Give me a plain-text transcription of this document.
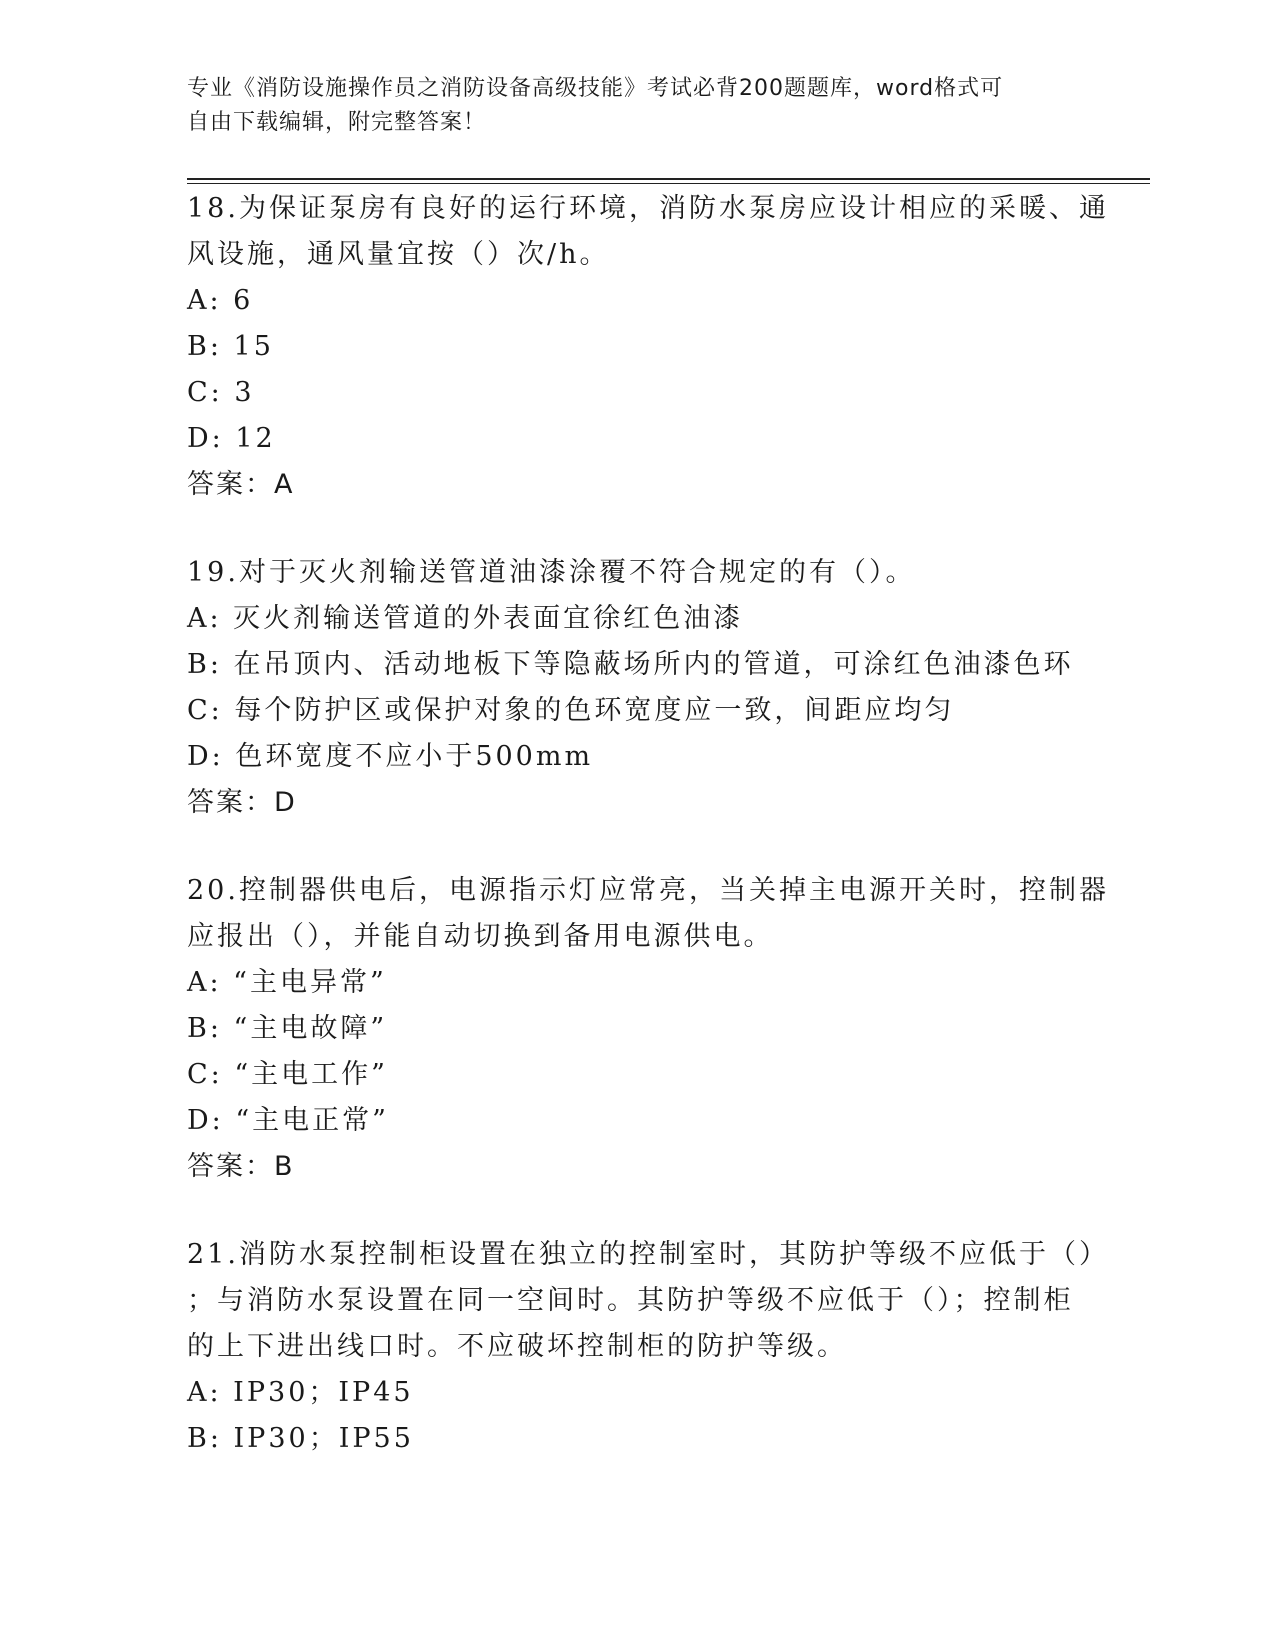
专业《消防设施操作员之消防设备高级技能》考试必背200题题库，word格式可
自由下载编辑，附完整答案！
18.为保证泵房有良好的运行环境，消防水泵房应设计相应的采暖、通
风设施，通风量宜按（）次/h。
A: 6
B: 15
C: 3
D: 12
答案：A
19.对于灭火剂输送管道油漆涂覆不符合规定的有（）。
A: 灭火剂输送管道的外表面宜徐红色油漆
B: 在吊顶内、活动地板下等隐蔽场所内的管道，可涂红色油漆色环
C: 每个防护区或保护对象的色环宽度应一致，间距应均匀
D: 色环宽度不应小于500mm
答案：D
20.控制器供电后，电源指示灯应常亮，当关掉主电源开关时，控制器
应报出（），并能自动切换到备用电源供电。
A: “主电异常”
B: “主电故障”
C: “主电工作”
D: “主电正常”
答案：B
21.消防水泵控制柜设置在独立的控制室时，其防护等级不应低于（）
；与消防水泵设置在同一空间时。其防护等级不应低于（）；控制柜
的上下进出线口时。不应破坏控制柜的防护等级。
A: IP30；IP45
B: IP30；IP55
